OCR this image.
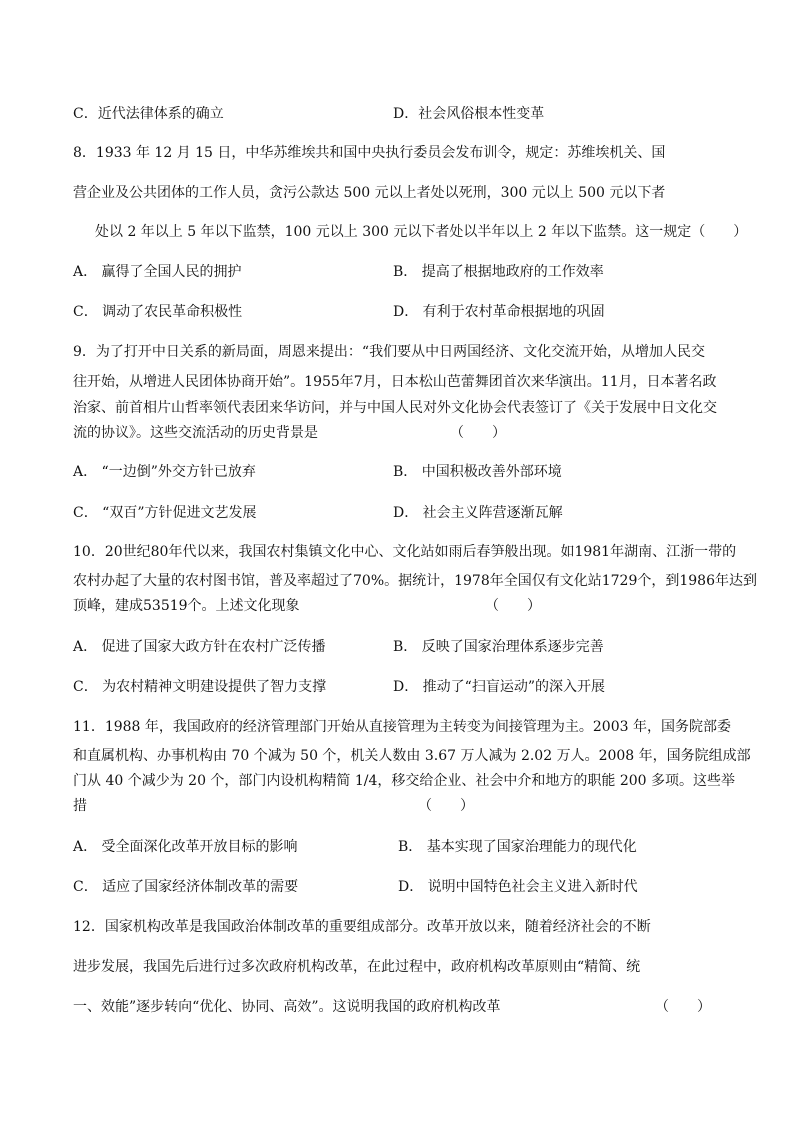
C．近代法律体系的确立	D．社会风俗根本性变革
8．1933 年 12 月 15 日，中华苏维埃共和国中央执行委员会发布训令，规定：苏维埃机关、国
营企业及公共团体的工作人员，贪污公款达 500 元以上者处以死刑，300 元以上 500 元以下者
处以 2 年以上 5 年以下监禁，100 元以上 300 元以下者处以半年以上 2 年以下监禁。这一规定（　　）
A． 赢得了全国人民的拥护	B． 提高了根据地政府的工作效率
C． 调动了农民革命积极性	D． 有利于农村革命根据地的巩固
9．为了打开中日关系的新局面，周恩来提出：“我们要从中日两国经济、文化交流开始，从增加人民交
往开始，从增进人民团体协商开始”。1955年7月，日本松山芭蕾舞团首次来华演出。11月，日本著名政
治家、前首相片山哲率领代表团来华访问，并与中国人民对外文化协会代表签订了《关于发展中日文化交
流的协议》。这些交流活动的历史背景是	（　　）
A． “一边倒”外交方针已放弃	B． 中国积极改善外部环境
C． “双百”方针促进文艺发展	D． 社会主义阵营逐渐瓦解
10．20世纪80年代以来，我国农村集镇文化中心、文化站如雨后春笋般出现。如1981年湖南、江浙一带的
农村办起了大量的农村图书馆，普及率超过了70%。据统计，1978年全国仅有文化站1729个，到1986年达到
顶峰，建成53519个。上述文化现象	（　　）
A． 促进了国家大政方针在农村广泛传播	B． 反映了国家治理体系逐步完善
C． 为农村精神文明建设提供了智力支撑	D． 推动了“扫盲运动”的深入开展
11．1988 年，我国政府的经济管理部门开始从直接管理为主转变为间接管理为主。2003 年，国务院部委
和直属机构、办事机构由 70 个减为 50 个，机关人数由 3.67 万人减为 2.02 万人。2008 年，国务院组成部
门从 40 个减少为 20 个，部门内设机构精简 1/4，移交给企业、社会中介和地方的职能 200 多项。这些举
措	（　　）
A． 受全面深化改革开放目标的影响	B． 基本实现了国家治理能力的现代化
C． 适应了国家经济体制改革的需要	D． 说明中国特色社会主义进入新时代
12．国家机构改革是我国政治体制改革的重要组成部分。改革开放以来，随着经济社会的不断
进步发展，我国先后进行过多次政府机构改革，在此过程中，政府机构改革原则由“精简、统
一、效能”逐步转向“优化、协同、高效”。这说明我国的政府机构改革	（　　）
